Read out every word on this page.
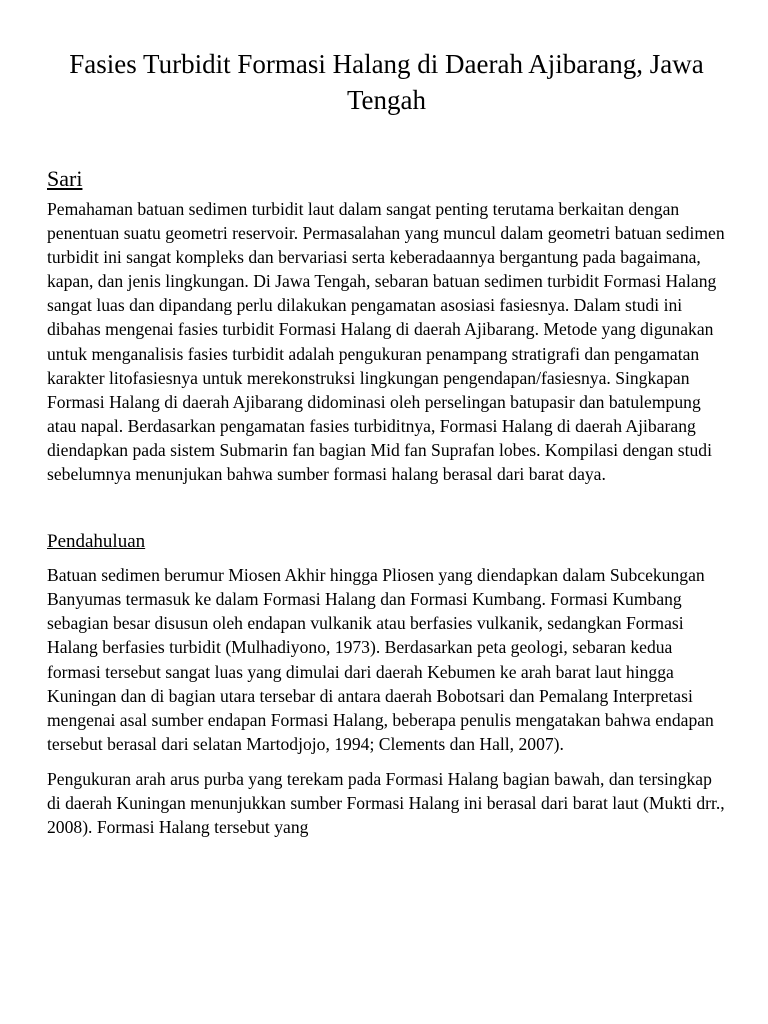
Fasies Turbidit Formasi Halang di Daerah Ajibarang, Jawa Tengah
Sari

Pemahaman batuan sedimen turbidit laut dalam sangat penting terutama berkaitan dengan penentuan suatu geometri reservoir. Permasalahan yang muncul dalam geometri batuan sedimen turbidit ini sangat kompleks dan bervariasi serta keberadaannya bergantung pada bagaimana, kapan, dan jenis lingkungan. Di Jawa Tengah, sebaran batuan sedimen turbidit Formasi Halang sangat luas dan dipandang perlu dilakukan pengamatan asosiasi fasiesnya. Dalam studi ini dibahas mengenai fasies turbidit Formasi Halang di daerah Ajibarang. Metode yang digunakan untuk menganalisis fasies turbidit adalah pengukuran penampang stratigrafi dan pengamatan karakter litofasiesnya untuk merekonstruksi lingkungan pengendapan/fasiesnya. Singkapan Formasi Halang di daerah Ajibarang didominasi oleh perselingan batupasir dan batulempung atau napal. Berdasarkan pengamatan fasies turbiditnya, Formasi Halang di daerah Ajibarang diendapkan pada sistem Submarin fan bagian Mid fan Suprafan lobes. Kompilasi dengan studi sebelumnya menunjukan bahwa sumber formasi halang berasal dari barat daya.

Pendahuluan

Batuan sedimen berumur Miosen Akhir hingga Pliosen yang diendapkan dalam Subcekungan Banyumas termasuk ke dalam Formasi Halang dan Formasi Kumbang. Formasi Kumbang sebagian besar disusun oleh endapan vulkanik atau berfasies vulkanik, sedangkan Formasi Halang berfasies turbidit (Mulhadiyono, 1973). Berdasarkan peta geologi, sebaran kedua formasi tersebut sangat luas yang dimulai dari daerah Kebumen ke arah barat laut hingga Kuningan dan di bagian utara tersebar di antara daerah Bobotsari dan Pemalang Interpretasi mengenai asal sumber endapan Formasi Halang, beberapa penulis mengatakan bahwa endapan tersebut berasal dari selatan Martodjojo, 1994; Clements dan Hall, 2007).

Pengukuran arah arus purba yang terekam pada Formasi Halang bagian bawah, dan tersingkap di daerah Kuningan menunjukkan sumber Formasi Halang ini berasal dari barat laut (Mukti drr., 2008). Formasi Halang tersebut yang
